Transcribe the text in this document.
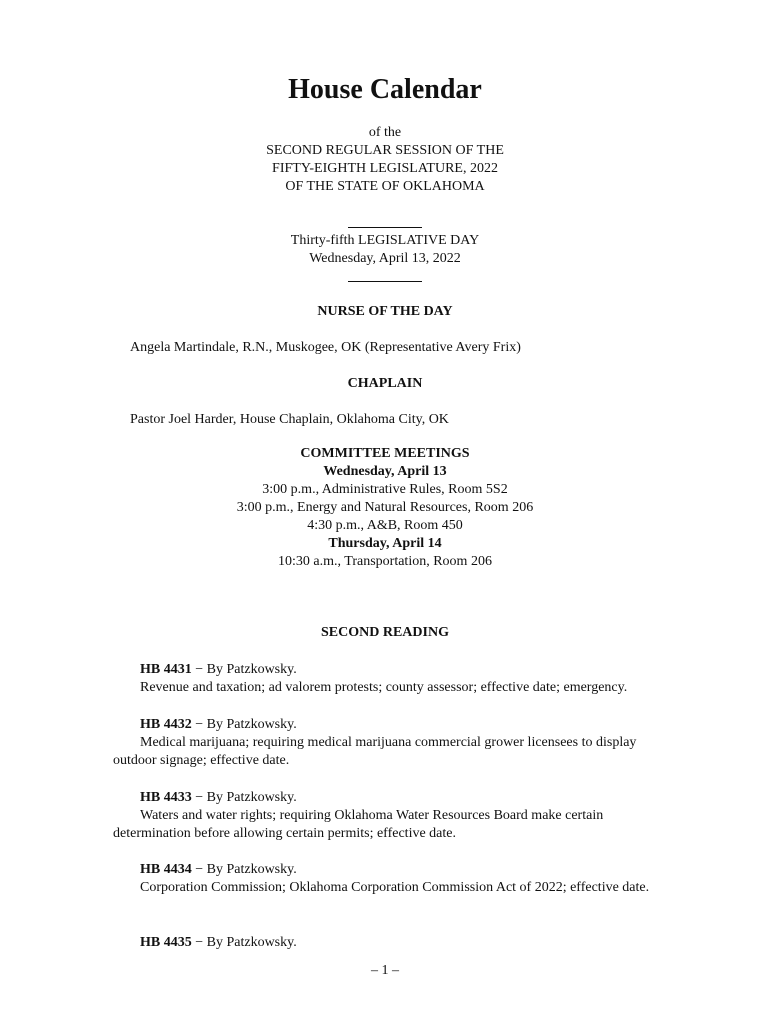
House Calendar
of the
SECOND REGULAR SESSION OF THE
FIFTY-EIGHTH LEGISLATURE, 2022
OF THE STATE OF OKLAHOMA
Thirty-fifth LEGISLATIVE DAY
Wednesday, April 13, 2022
NURSE OF THE DAY
Angela Martindale, R.N., Muskogee, OK (Representative Avery Frix)
CHAPLAIN
Pastor Joel Harder, House Chaplain, Oklahoma City, OK
COMMITTEE MEETINGS
Wednesday, April 13
3:00 p.m., Administrative Rules, Room 5S2
3:00 p.m., Energy and Natural Resources, Room 206
4:30 p.m., A&B, Room 450
Thursday, April 14
10:30 a.m., Transportation, Room 206
SECOND READING
HB 4431 − By Patzkowsky.
Revenue and taxation; ad valorem protests; county assessor; effective date; emergency.
HB 4432 − By Patzkowsky.
Medical marijuana; requiring medical marijuana commercial grower licensees to display outdoor signage; effective date.
HB 4433 − By Patzkowsky.
Waters and water rights; requiring Oklahoma Water Resources Board make certain determination before allowing certain permits; effective date.
HB 4434 − By Patzkowsky.
Corporation Commission; Oklahoma Corporation Commission Act of 2022; effective date.
HB 4435 − By Patzkowsky.
– 1 –
